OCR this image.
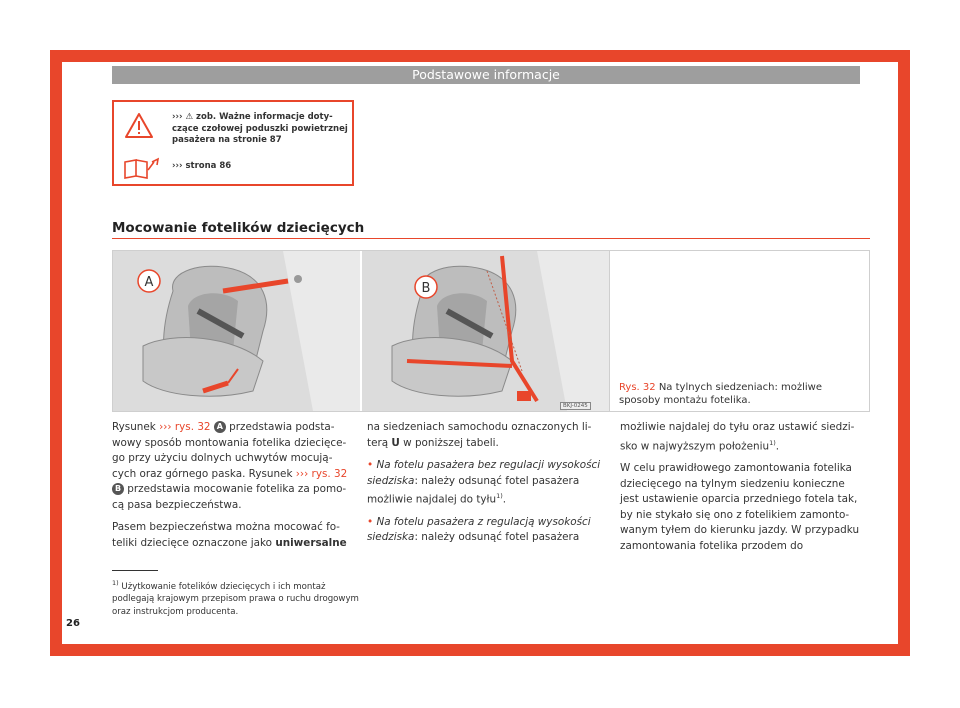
Podstawowe informacje
››› ⚠ zob. Ważne informacje dotyczące czołowej poduszki powietrznej pasażera na stronie 87
››› strona 86
Mocowanie fotelików dziecięcych
A	B
BKJ-0245
Rys. 32 Na tylnych siedzeniach: możliwe sposoby montażu fotelika.

Rysunek ››› rys. 32 A przedstawia podstawowy sposób montowania fotelika dziecięcego przy użyciu dolnych uchwytów mocujących oraz górnego paska. Rysunek ››› rys. 32 B przedstawia mocowanie fotelika za pomocą pasa bezpieczeństwa.

Pasem bezpieczeństwa można mocować foteliki dziecięce oznaczone jako uniwersalne

na siedzeniach samochodu oznaczonych literą U w poniższej tabeli.

• Na fotelu pasażera bez regulacji wysokości siedziska: należy odsunąć fotel pasażera możliwie najdalej do tyłu$^{1)}$.

• Na fotelu pasażera z regulacją wysokości siedziska: należy odsunąć fotel pasażera

możliwie najdalej do tyłu oraz ustawić siedzisko w najwyższym położeniu$^{1)}$.

W celu prawidłowego zamontowania fotelika dziecięcego na tylnym siedzeniu konieczne jest ustawienie oparcia przedniego fotela tak, by nie stykało się ono z fotelikiem zamontowanym tyłem do kierunku jazdy. W przypadku zamontowania fotelika przodem do

$^{1)}$ Użytkowanie fotelików dziecięcych i ich montaż podlegają krajowym przepisom prawa o ruchu drogowym oraz instrukcjom producenta.
26
